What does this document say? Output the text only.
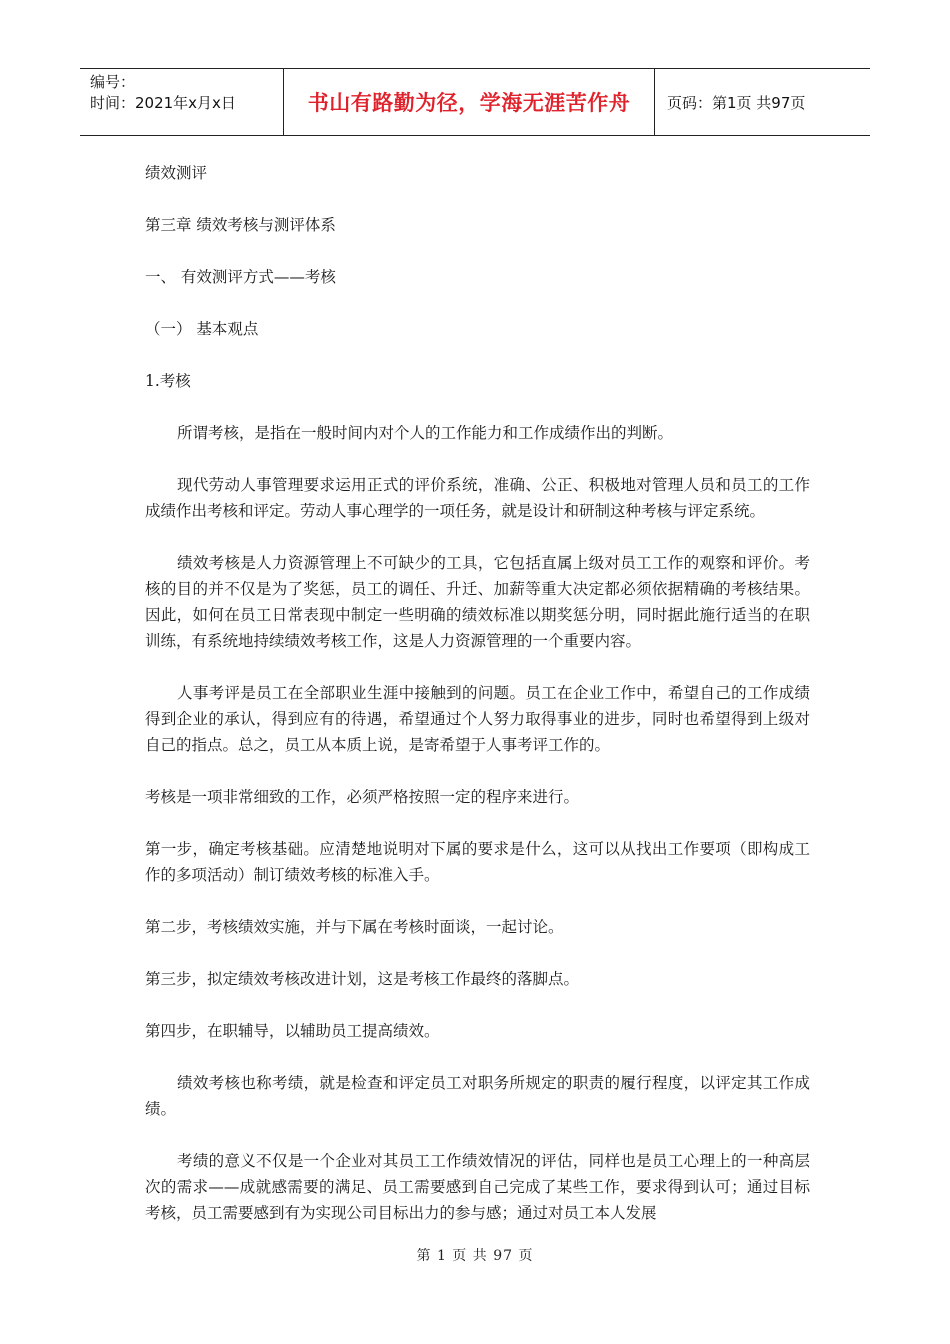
编号：
时间：2021年x月x日	书山有路勤为径，学海无涯苦作舟	页码：第1页 共97页

绩效测评

第三章 绩效考核与测评体系

一、 有效测评方式——考核

（一） 基本观点

1.考核

所谓考核，是指在一般时间内对个人的工作能力和工作成绩作出的判断。

现代劳动人事管理要求运用正式的评价系统，准确、公正、积极地对管理人员和员工的工作成绩作出考核和评定。劳动人事心理学的一项任务，就是设计和研制这种考核与评定系统。

绩效考核是人力资源管理上不可缺少的工具，它包括直属上级对员工工作的观察和评价。考核的目的并不仅是为了奖惩，员工的调任、升迁、加薪等重大决定都必须依据精确的考核结果。因此，如何在员工日常表现中制定一些明确的绩效标准以期奖惩分明，同时据此施行适当的在职训练，有系统地持续绩效考核工作，这是人力资源管理的一个重要内容。

人事考评是员工在全部职业生涯中接触到的问题。员工在企业工作中，希望自己的工作成绩得到企业的承认，得到应有的待遇，希望通过个人努力取得事业的进步，同时也希望得到上级对自己的指点。总之，员工从本质上说，是寄希望于人事考评工作的。

考核是一项非常细致的工作，必须严格按照一定的程序来进行。

第一步，确定考核基础。应清楚地说明对下属的要求是什么，这可以从找出工作要项（即构成工作的多项活动）制订绩效考核的标准入手。

第二步，考核绩效实施，并与下属在考核时面谈，一起讨论。

第三步，拟定绩效考核改进计划，这是考核工作最终的落脚点。

第四步，在职辅导，以辅助员工提高绩效。

绩效考核也称考绩，就是检查和评定员工对职务所规定的职责的履行程度，以评定其工作成绩。

考绩的意义不仅是一个企业对其员工工作绩效情况的评估，同样也是员工心理上的一种高层次的需求——成就感需要的满足、员工需要感到自己完成了某些工作，要求得到认可；通过目标考核，员工需要感到有为实现公司目标出力的参与感；通过对员工本人发展

第 1 页 共 97 页
